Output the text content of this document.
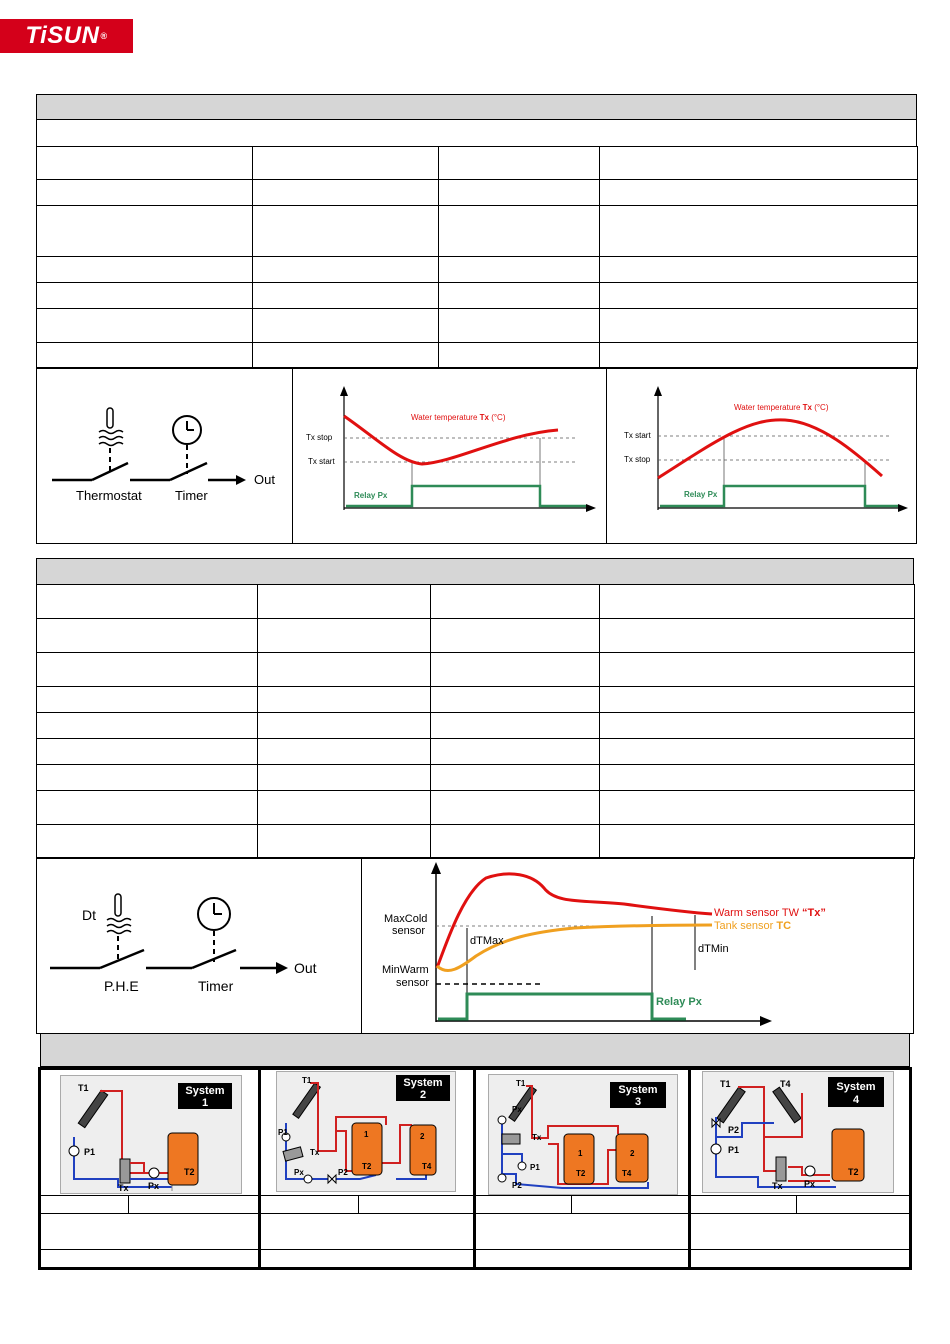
TiSUN ®

Thermostat	Timer
Out
Tx stop
Tx start
Water temperature Tx (°C)
Relay Px
Tx start
Tx stop
Water temperature Tx (°C)
Relay Px

Dt
P.H.E	Timer
Out
MaxCold
sensor
MinWarm
sensor
dTMax
dTMin
Warm sensor TW “Tx”
Tank sensor TC
Relay Px
System
1
T1
P1
Tx Px
T2
System
2
T1
P1
Tx
Px	P2
1	2
T2	T4
System
3
T1
Px
Tx
P1
P2
1	2
T2	T4
System
4
T1	T4
P2
P1
Tx Px
T2
